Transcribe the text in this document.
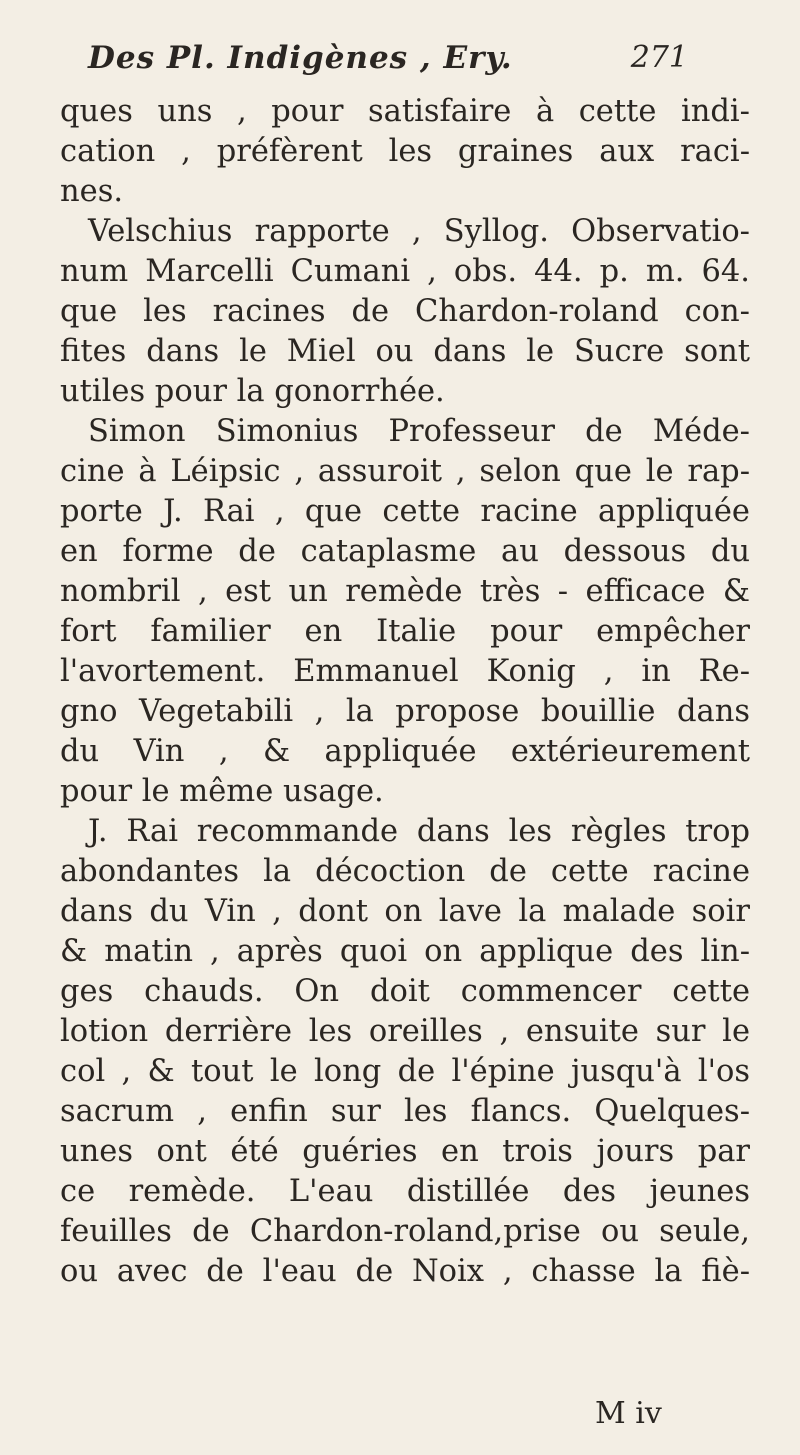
Des Pl. Indigènes , Ery.	271
ques uns , pour satisfaire à cette indi-
cation , préfèrent les graines aux raci-
nes.
Velschius rapporte , Syllog. Observatio-
num Marcelli Cumani , obs. 44. p. m. 64.
que les racines de Chardon-roland con-
fites dans le Miel ou dans le Sucre sont
utiles pour la gonorrhée.
Simon Simonius Professeur de Méde-
cine à Léipsic , assuroit , selon que le rap-
porte J. Rai , que cette racine appliquée
en forme de cataplasme au dessous du
nombril , est un remède très - efficace &
fort familier en Italie pour empêcher
l'avortement. Emmanuel Konig , in Re-
gno Vegetabili , la propose bouillie dans
du Vin , & appliquée extérieurement
pour le même usage.
J. Rai recommande dans les règles trop
abondantes la décoction de cette racine
dans du Vin , dont on lave la malade soir
& matin , après quoi on applique des lin-
ges chauds. On doit commencer cette
lotion derrière les oreilles , ensuite sur le
col , & tout le long de l'épine jusqu'à l'os
sacrum , enfin sur les flancs. Quelques-
unes ont été guéries en trois jours par
ce remède. L'eau distillée des jeunes
feuilles de Chardon-roland,prise ou seule,
ou avec de l'eau de Noix , chasse la fiè-
M iv
